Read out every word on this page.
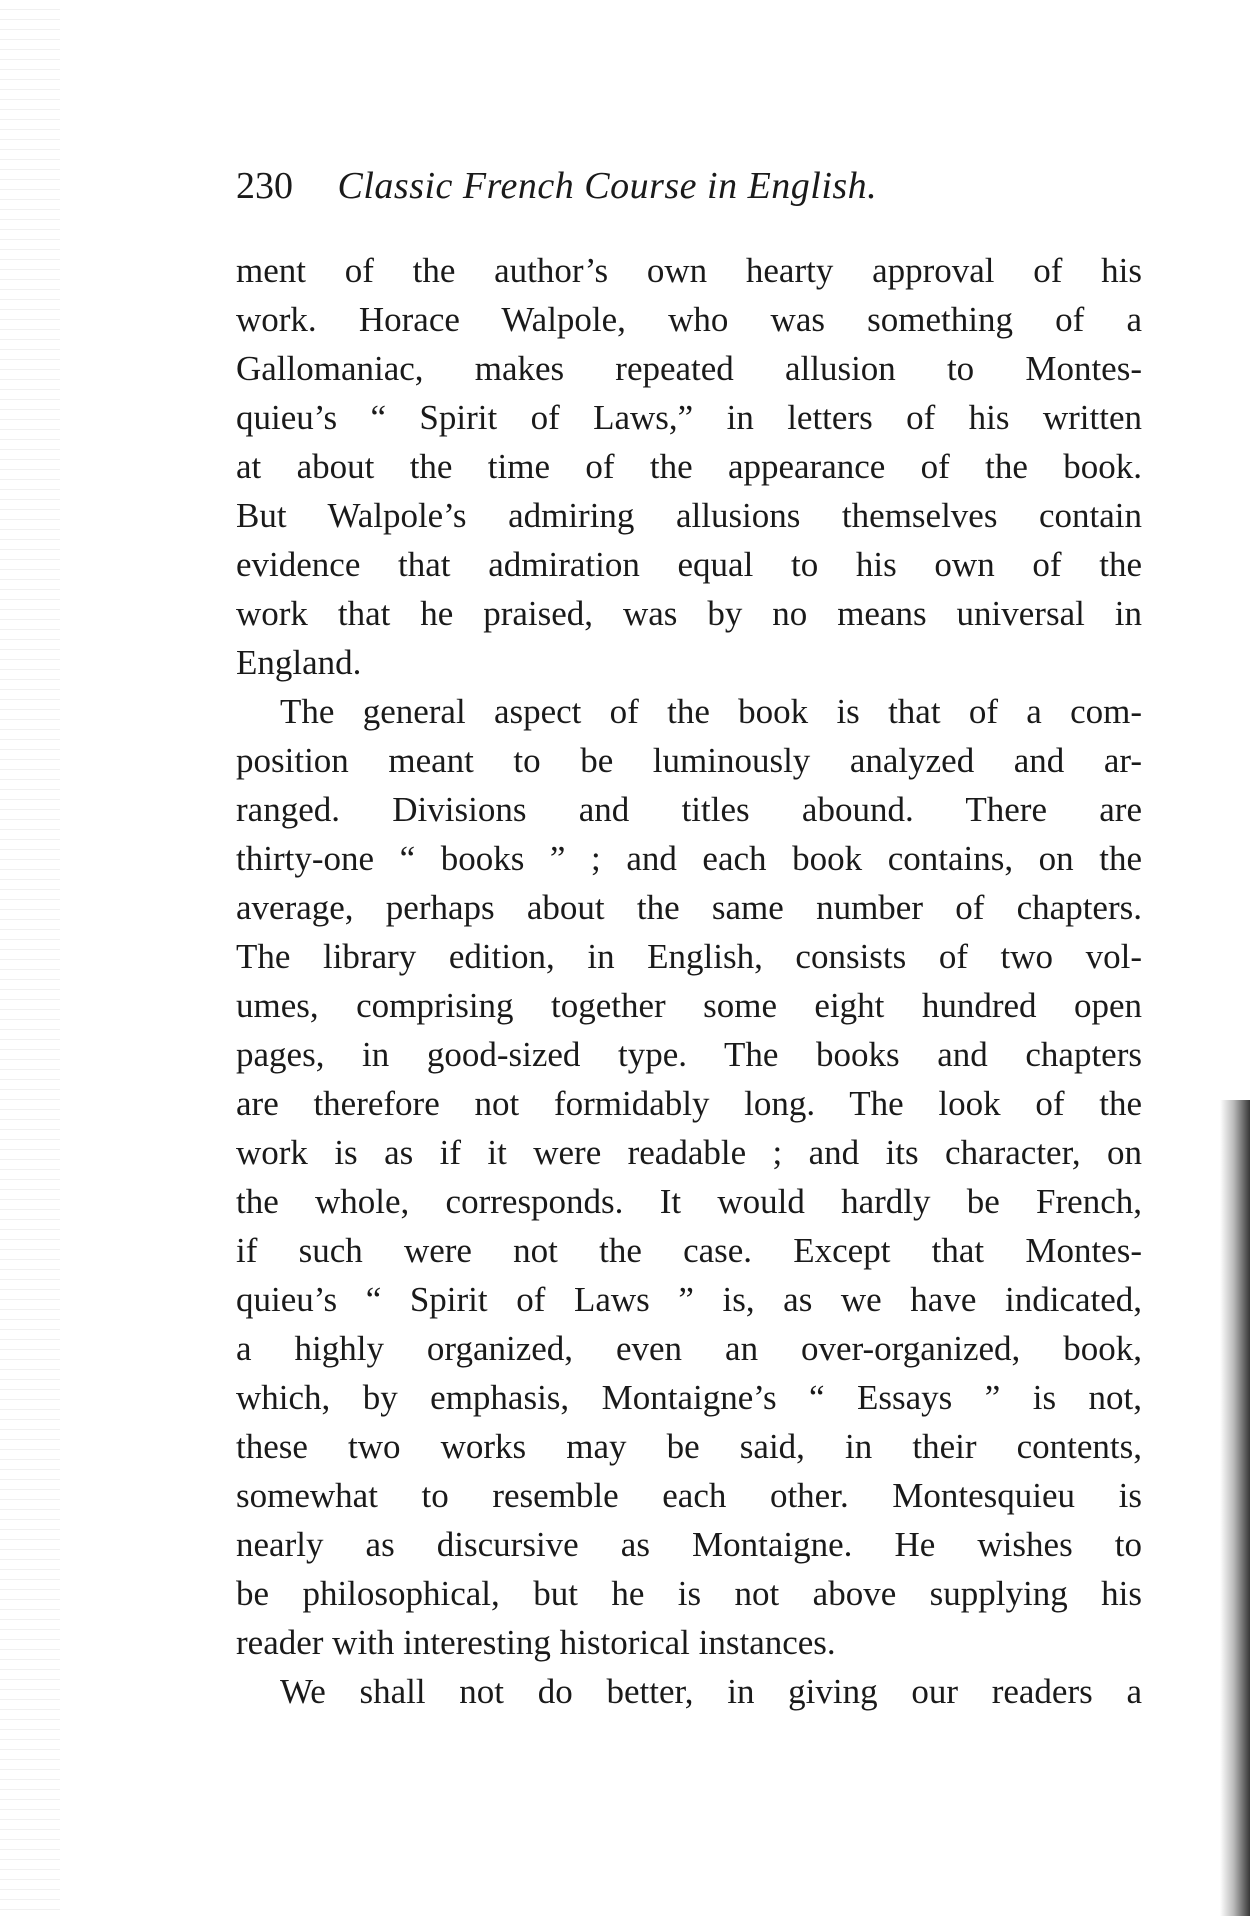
230 Classic French Course in English.
ment of the author’s own hearty approval of his
work. Horace Walpole, who was something of a
Gallomaniac, makes repeated allusion to Montes-
quieu’s “ Spirit of Laws,” in letters of his written
at about the time of the appearance of the book.
But Walpole’s admiring allusions themselves contain
evidence that admiration equal to his own of the
work that he praised, was by no means universal in
England.
The general aspect of the book is that of a com-
position meant to be luminously analyzed and ar-
ranged. Divisions and titles abound. There are
thirty-one “ books ” ; and each book contains, on the
average, perhaps about the same number of chapters.
The library edition, in English, consists of two vol-
umes, comprising together some eight hundred open
pages, in good-sized type. The books and chapters
are therefore not formidably long. The look of the
work is as if it were readable ; and its character, on
the whole, corresponds. It would hardly be French,
if such were not the case. Except that Montes-
quieu’s “ Spirit of Laws ” is, as we have indicated,
a highly organized, even an over-organized, book,
which, by emphasis, Montaigne’s “ Essays ” is not,
these two works may be said, in their contents,
somewhat to resemble each other. Montesquieu is
nearly as discursive as Montaigne. He wishes to
be philosophical, but he is not above supplying his
reader with interesting historical instances.
We shall not do better, in giving our readers a
